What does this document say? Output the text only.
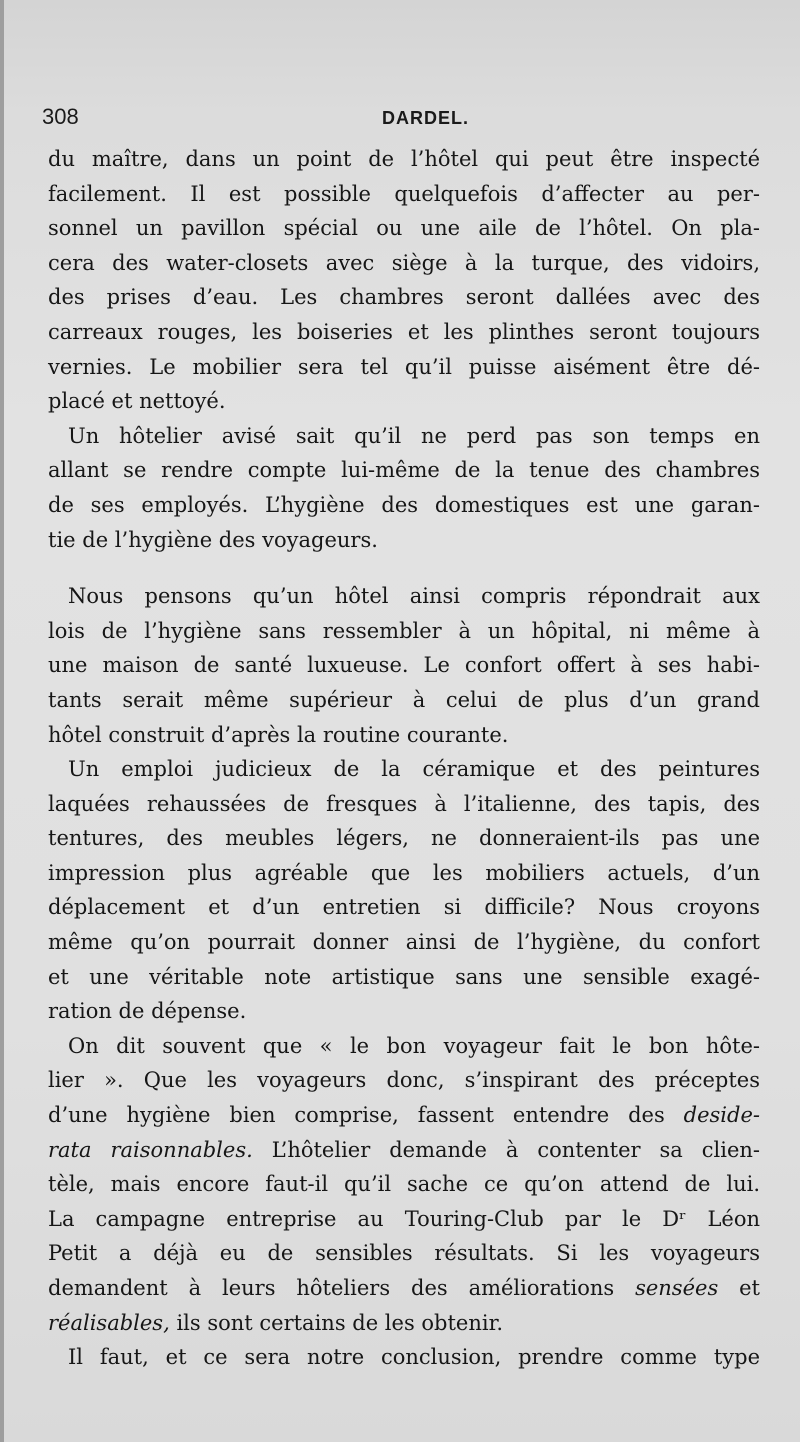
308	DARDEL.
du maître, dans un point de l’hôtel qui peut être inspecté
facilement. Il est possible quelquefois d’affecter au per-
sonnel un pavillon spécial ou une aile de l’hôtel. On pla-
cera des water-closets avec siège à la turque, des vidoirs,
des prises d’eau. Les chambres seront dallées avec des
carreaux rouges, les boiseries et les plinthes seront toujours
vernies. Le mobilier sera tel qu’il puisse aisément être dé-
placé et nettoyé.
Un hôtelier avisé sait qu’il ne perd pas son temps en
allant se rendre compte lui-même de la tenue des chambres
de ses employés. L’hygiène des domestiques est une garan-
tie de l’hygiène des voyageurs.
Nous pensons qu’un hôtel ainsi compris répondrait aux
lois de l’hygiène sans ressembler à un hôpital, ni même à
une maison de santé luxueuse. Le confort offert à ses habi-
tants serait même supérieur à celui de plus d’un grand
hôtel construit d’après la routine courante.
Un emploi judicieux de la céramique et des peintures
laquées rehaussées de fresques à l’italienne, des tapis, des
tentures, des meubles légers, ne donneraient-ils pas une
impression plus agréable que les mobiliers actuels, d’un
déplacement et d’un entretien si difficile? Nous croyons
même qu’on pourrait donner ainsi de l’hygiène, du confort
et une véritable note artistique sans une sensible exagé-
ration de dépense.
On dit souvent que « le bon voyageur fait le bon hôte-
lier ». Que les voyageurs donc, s’inspirant des préceptes
d’une hygiène bien comprise, fassent entendre des deside-
rata raisonnables. L’hôtelier demande à contenter sa clien-
tèle, mais encore faut-il qu’il sache ce qu’on attend de lui.
La campagne entreprise au Touring-Club par le Dʳ Léon
Petit a déjà eu de sensibles résultats. Si les voyageurs
demandent à leurs hôteliers des améliorations sensées et
réalisables, ils sont certains de les obtenir.
Il faut, et ce sera notre conclusion, prendre comme type
